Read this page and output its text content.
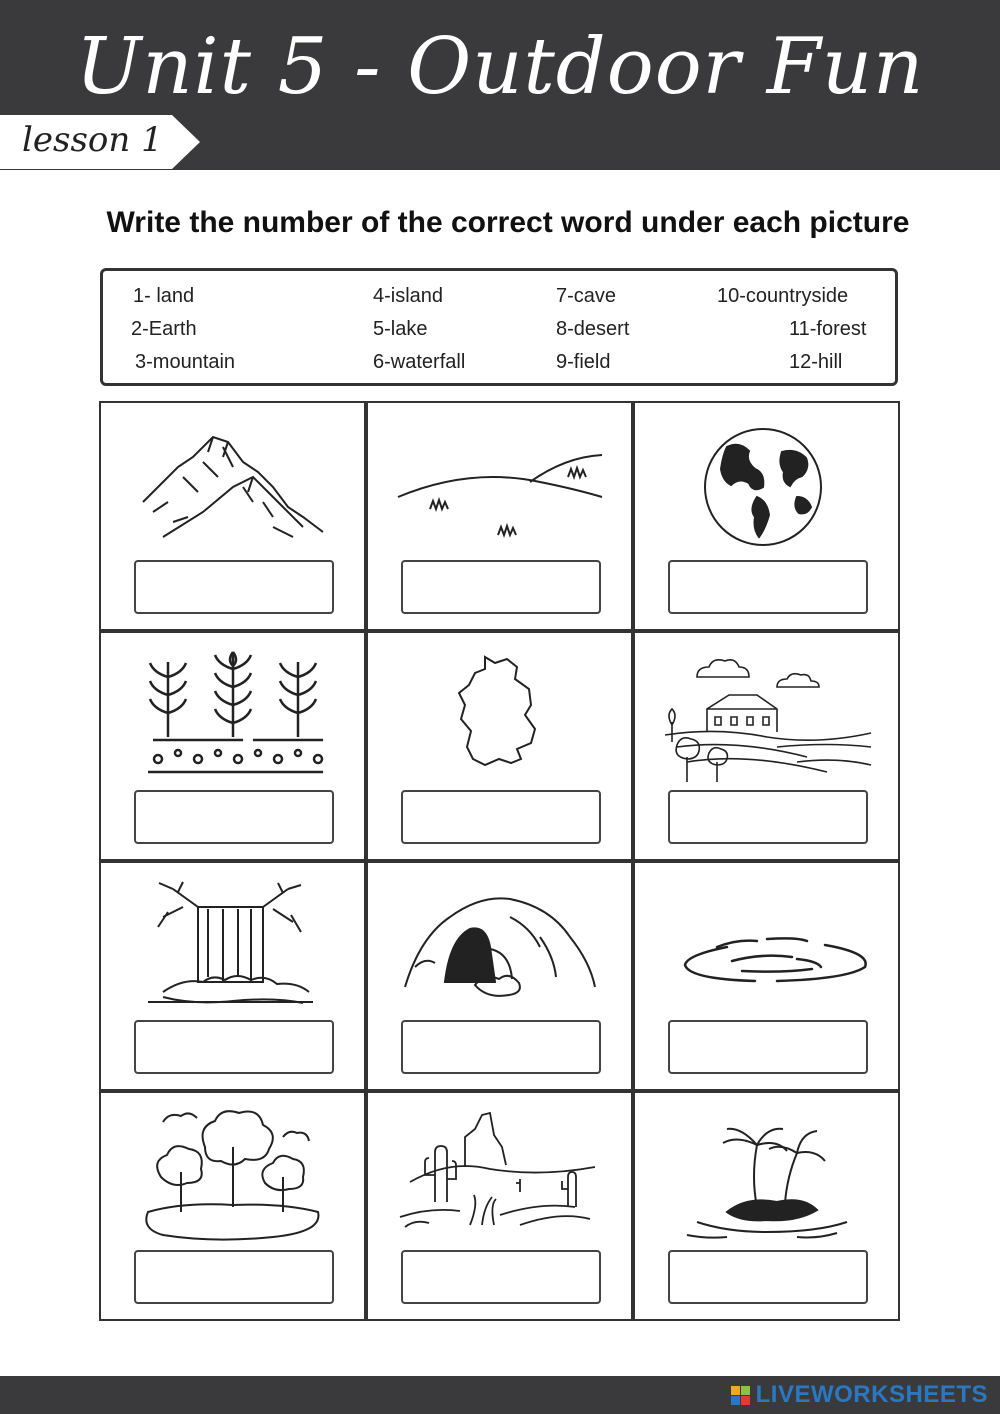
Unit 5 - Outdoor Fun
lesson 1
Write the number of the correct word under each picture
1- land
2-Earth
3-mountain
4-island
5-lake
6-waterfall
7-cave
8-desert
9-field
10-countryside
11-forest
12-hill
LIVEWORKSHEETS
